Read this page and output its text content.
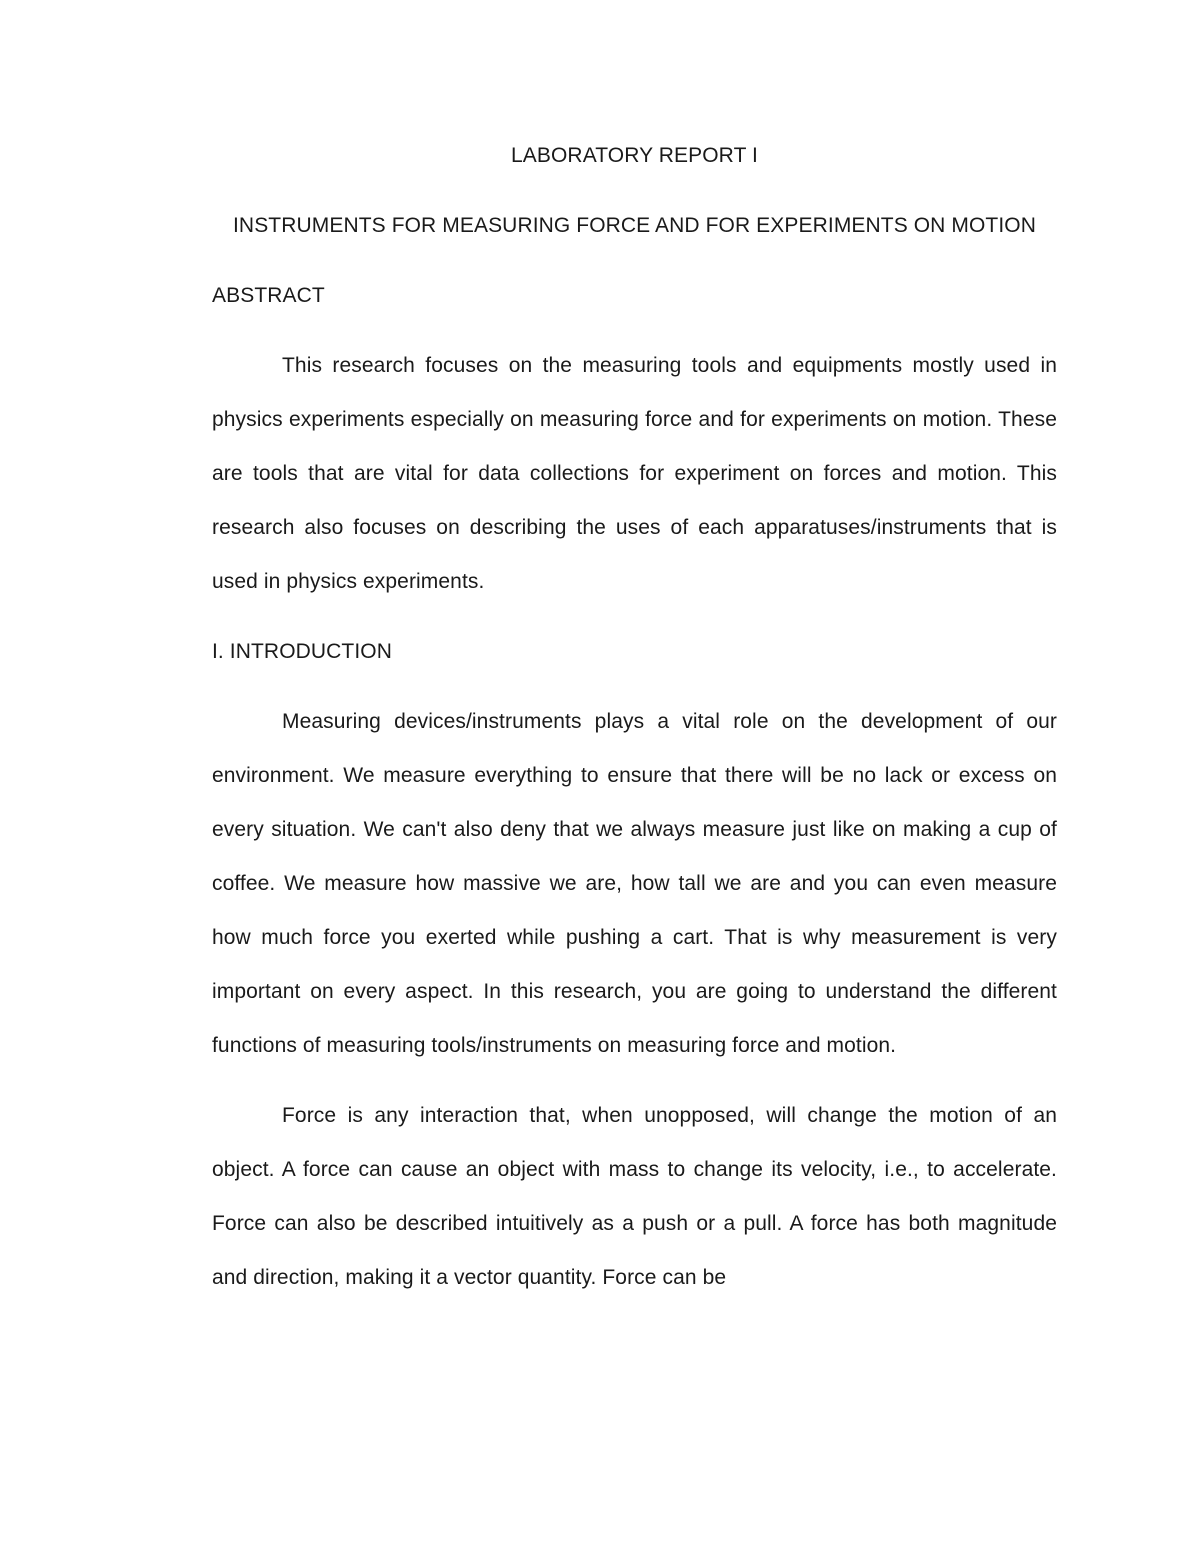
LABORATORY REPORT I
INSTRUMENTS FOR MEASURING FORCE AND FOR EXPERIMENTS ON MOTION
ABSTRACT

This research focuses on the measuring tools and equipments mostly used in physics experiments especially on measuring force and for experiments on motion. These are tools that are vital for data collections for experiment on forces and motion. This research also focuses on describing the uses of each apparatuses/instruments that is used in physics experiments.

I. INTRODUCTION

Measuring devices/instruments plays a vital role on the development of our environment. We measure everything to ensure that there will be no lack or excess on every situation. We can't also deny that we always measure just like on making a cup of coffee. We measure how massive we are, how tall we are and you can even measure how much force you exerted while pushing a cart. That is why measurement is very important on every aspect. In this research, you are going to understand the different functions of measuring tools/instruments on measuring force and motion.

Force is any interaction that, when unopposed, will change the motion of an object. A force can cause an object with mass to change its velocity, i.e., to accelerate. Force can also be described intuitively as a push or a pull. A force has both magnitude and direction, making it a vector quantity. Force can be
